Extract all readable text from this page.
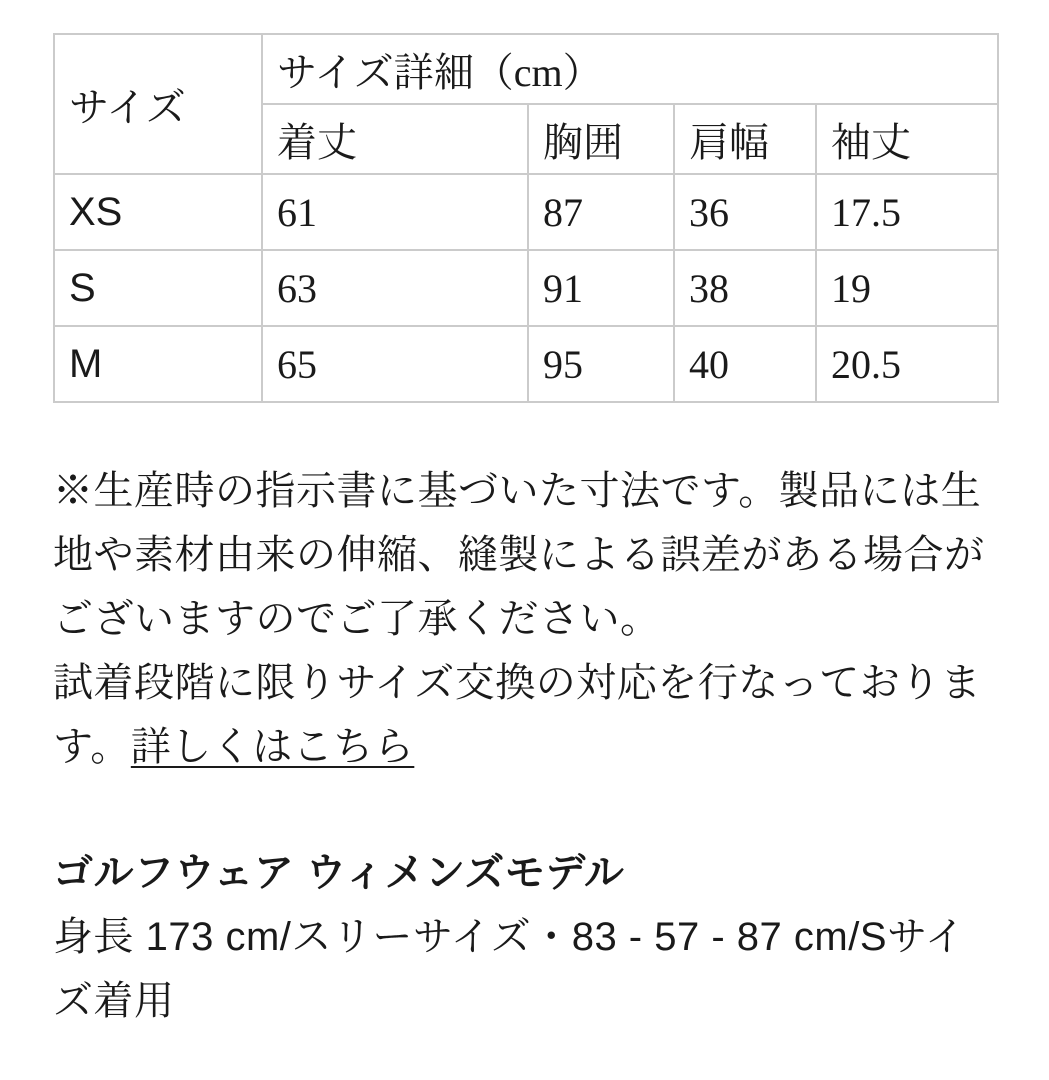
サイズ	サイズ詳細（cm）			
	着丈	胸囲	肩幅	袖丈
XS	61	87	36	17.5
S	63	91	38	19
M	65	95	40	20.5

※生産時の指示書に基づいた寸法です。製品には生地や素材由来の伸縮、縫製による誤差がある場合がございますのでご了承ください。

試着段階に限りサイズ交換の対応を行なっております。詳しくはこちら

ゴルフウェア ウィメンズモデル

身長 173 cm/スリーサイズ・83 - 57 - 87 cm/Sサイズ着用
